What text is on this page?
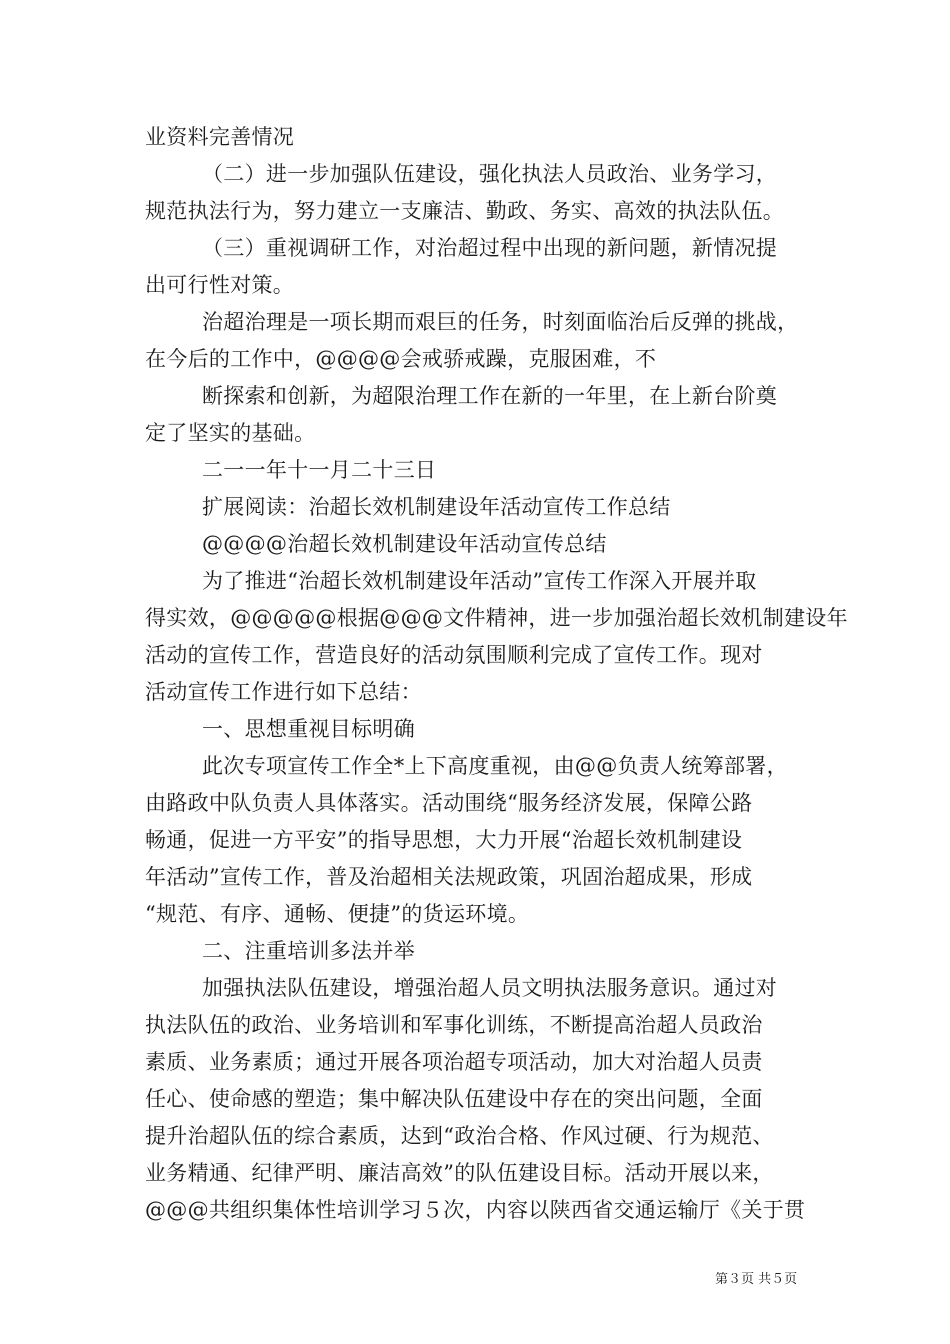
业资料完善情况
（二）进一步加强队伍建设，强化执法人员政治、业务学习，
规范执法行为，努力建立一支廉洁、勤政、务实、高效的执法队伍。
（三）重视调研工作，对治超过程中出现的新问题，新情况提
出可行性对策。
治超治理是一项长期而艰巨的任务，时刻面临治后反弹的挑战，
在今后的工作中，@@@@会戒骄戒躁，克服困难，不
断探索和创新，为超限治理工作在新的一年里，在上新台阶奠
定了坚实的基础。
二一一年十一月二十三日
扩展阅读：治超长效机制建设年活动宣传工作总结
@@@@治超长效机制建设年活动宣传总结
为了推进“治超长效机制建设年活动”宣传工作深入开展并取
得实效，@@@@@根据@@@文件精神，进一步加强治超长效机制建设年
活动的宣传工作，营造良好的活动氛围顺利完成了宣传工作。现对
活动宣传工作进行如下总结：
一、思想重视目标明确
此次专项宣传工作全*上下高度重视，由@@负责人统筹部署，
由路政中队负责人具体落实。活动围绕“服务经济发展，保障公路
畅通，促进一方平安”的指导思想，大力开展“治超长效机制建设
年活动”宣传工作，普及治超相关法规政策，巩固治超成果，形成
“规范、有序、通畅、便捷”的货运环境。
二、注重培训多法并举
加强执法队伍建设，增强治超人员文明执法服务意识。通过对
执法队伍的政治、业务培训和军事化训练，不断提高治超人员政治
素质、业务素质；通过开展各项治超专项活动，加大对治超人员责
任心、使命感的塑造；集中解决队伍建设中存在的突出问题，全面
提升治超队伍的综合素质，达到“政治合格、作风过硬、行为规范、
业务精通、纪律严明、廉洁高效”的队伍建设目标。活动开展以来，
@@@共组织集体性培训学习５次，内容以陕西省交通运输厅《关于贯
第３页 共５页
